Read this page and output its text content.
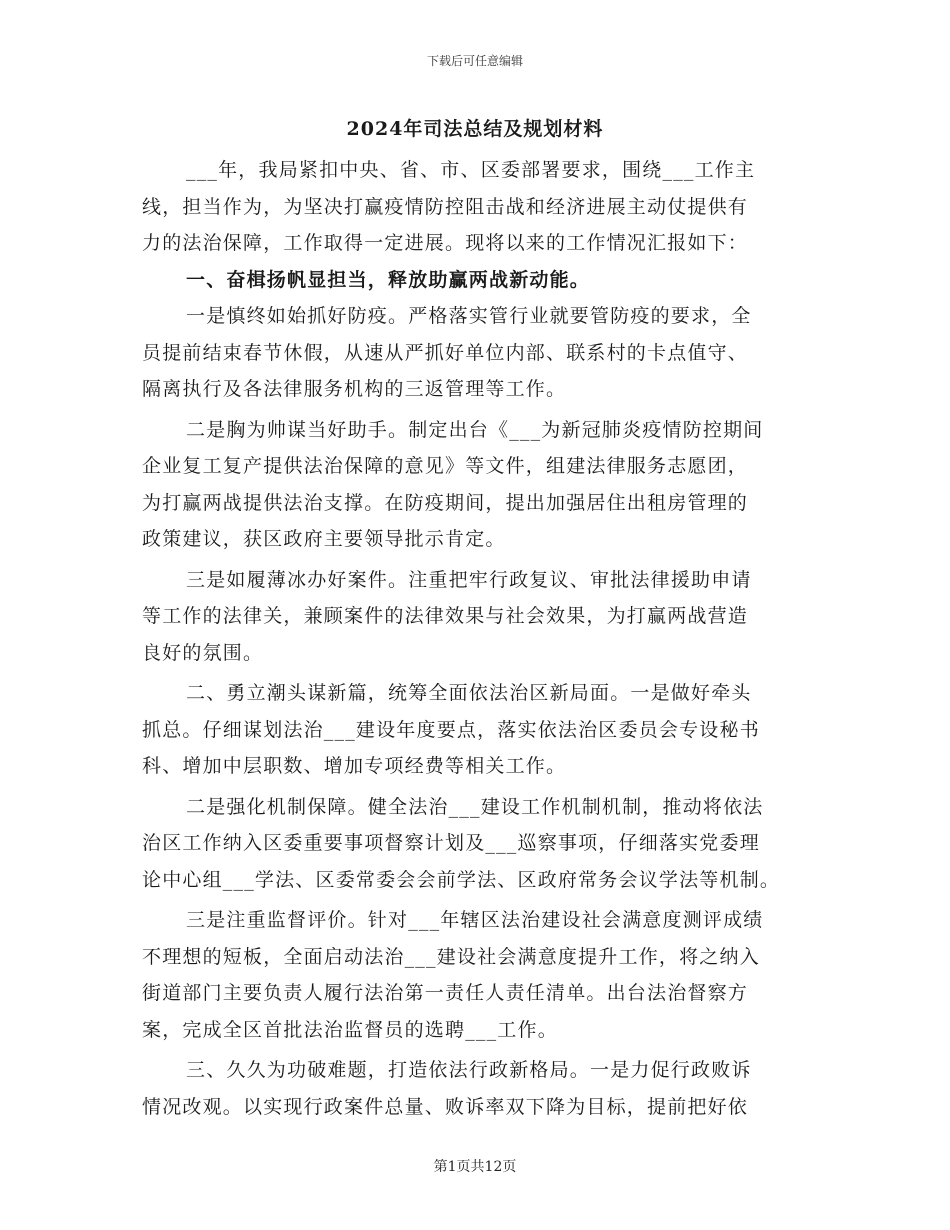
下载后可任意编辑
2024年司法总结及规划材料
___年，我局紧扣中央、省、市、区委部署要求，围绕___工作主
线，担当作为，为坚决打赢疫情防控阻击战和经济进展主动仗提供有
力的法治保障，工作取得一定进展。现将以来的工作情况汇报如下：
一、奋楫扬帆显担当，释放助赢两战新动能。
一是慎终如始抓好防疫。严格落实管行业就要管防疫的要求，全
员提前结束春节休假，从速从严抓好单位内部、联系村的卡点值守、
隔离执行及各法律服务机构的三返管理等工作。
二是胸为帅谋当好助手。制定出台《___为新冠肺炎疫情防控期间
企业复工复产提供法治保障的意见》等文件，组建法律服务志愿团，
为打赢两战提供法治支撑。在防疫期间，提出加强居住出租房管理的
政策建议，获区政府主要领导批示肯定。
三是如履薄冰办好案件。注重把牢行政复议、审批法律援助申请
等工作的法律关，兼顾案件的法律效果与社会效果，为打赢两战营造
良好的氛围。
二、勇立潮头谋新篇，统筹全面依法治区新局面。一是做好牵头
抓总。仔细谋划法治___建设年度要点，落实依法治区委员会专设秘书
科、增加中层职数、增加专项经费等相关工作。
二是强化机制保障。健全法治___建设工作机制机制，推动将依法
治区工作纳入区委重要事项督察计划及___巡察事项，仔细落实党委理
论中心组___学法、区委常委会会前学法、区政府常务会议学法等机制。
三是注重监督评价。针对___年辖区法治建设社会满意度测评成绩
不理想的短板，全面启动法治___建设社会满意度提升工作，将之纳入
街道部门主要负责人履行法治第一责任人责任清单。出台法治督察方
案，完成全区首批法治监督员的选聘___工作。
三、久久为功破难题，打造依法行政新格局。一是力促行政败诉
情况改观。以实现行政案件总量、败诉率双下降为目标，提前把好依
第1页共12页
